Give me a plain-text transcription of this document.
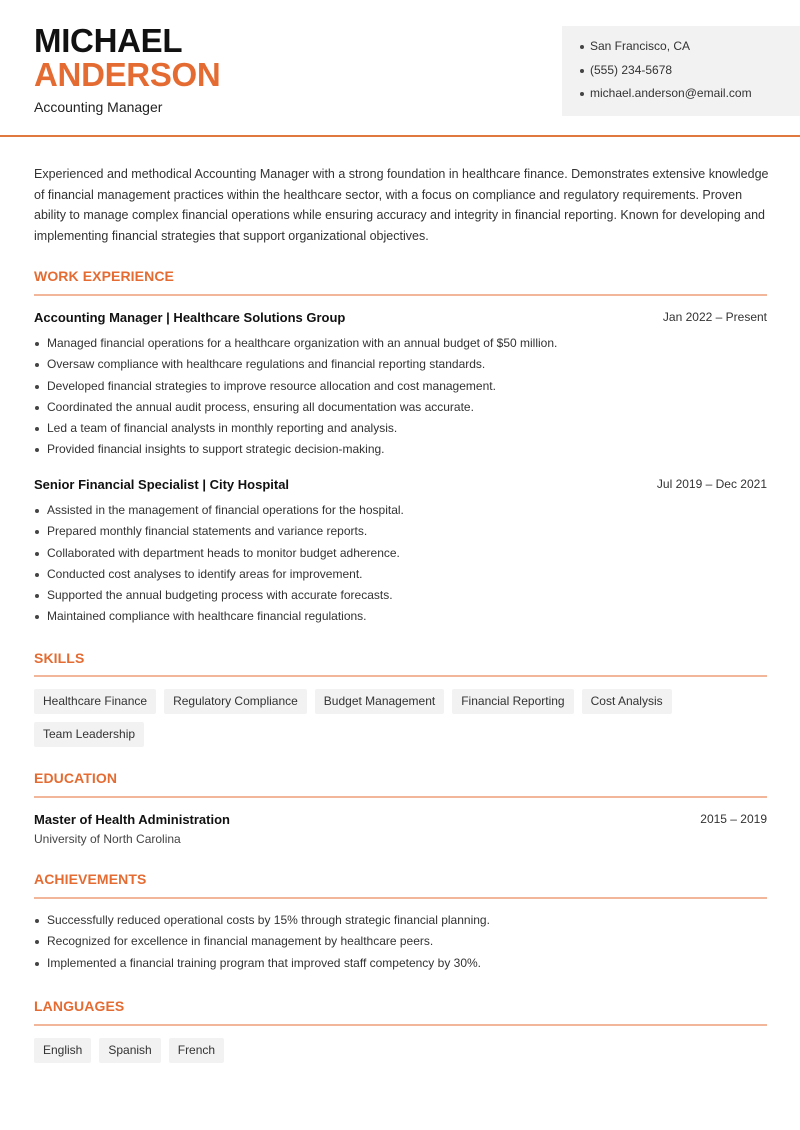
MICHAEL
ANDERSON
Accounting Manager
San Francisco, CA
(555) 234-5678
michael.anderson@email.com

Experienced and methodical Accounting Manager with a strong foundation in healthcare finance. Demonstrates extensive knowledge of financial management practices within the healthcare sector, with a focus on compliance and regulatory requirements. Proven ability to manage complex financial operations while ensuring accuracy and integrity in financial reporting. Known for developing and implementing financial strategies that support organizational objectives.

WORK EXPERIENCE
Accounting Manager | Healthcare Solutions Group	Jan 2022 – Present
Managed financial operations for a healthcare organization with an annual budget of $50 million.
Oversaw compliance with healthcare regulations and financial reporting standards.
Developed financial strategies to improve resource allocation and cost management.
Coordinated the annual audit process, ensuring all documentation was accurate.
Led a team of financial analysts in monthly reporting and analysis.
Provided financial insights to support strategic decision-making.
Senior Financial Specialist | City Hospital	Jul 2019 – Dec 2021
Assisted in the management of financial operations for the hospital.
Prepared monthly financial statements and variance reports.
Collaborated with department heads to monitor budget adherence.
Conducted cost analyses to identify areas for improvement.
Supported the annual budgeting process with accurate forecasts.
Maintained compliance with healthcare financial regulations.
SKILLS
Healthcare Finance	Regulatory Compliance	Budget Management	Financial Reporting	Cost Analysis
Team Leadership
EDUCATION
Master of Health Administration	2015 – 2019
University of North Carolina
ACHIEVEMENTS
Successfully reduced operational costs by 15% through strategic financial planning.
Recognized for excellence in financial management by healthcare peers.
Implemented a financial training program that improved staff competency by 30%.
LANGUAGES
English	Spanish	French
